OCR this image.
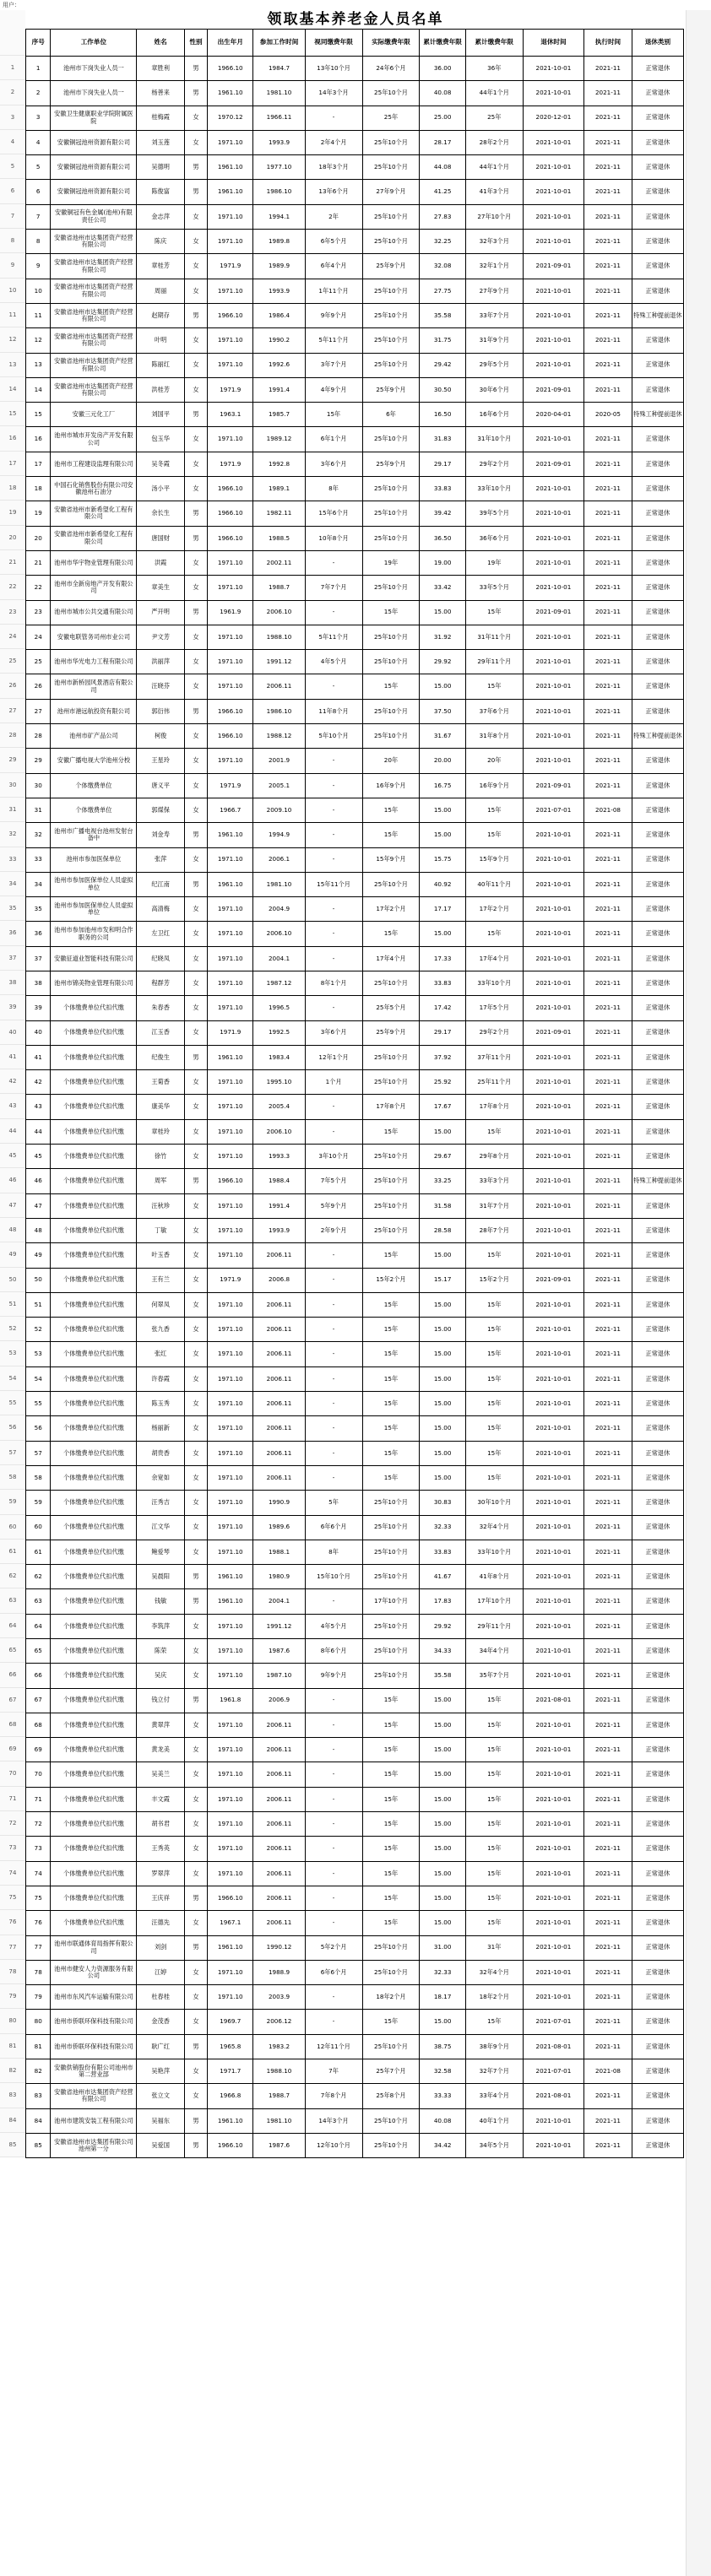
用户：
1
2
3
4
5
6
7
8
9
10
11
12
13
14
15
16
17
18
19
20
21
22
23
24
25
26
27
28
29
30
31
32
33
34
35
36
37
38
39
40
41
42
43
44
45
46
47
48
49
50
51
52
53
54
55
56
57
58
59
60
61
62
63
64
65
66
67
68
69
70
71
72
73
74
75
76
77
78
79
80
81
82
83
84
85
领取基本养老金人员名单
序号	工作单位	姓名	性别	出生年月	参加工作时间	视同缴费年限	实际缴费年限	累计缴费年限	累计缴费年限	退休时间	执行时间	退休类别
1	池州市下岗失业人员一	章胜利	男	1966.10	1984.7	13年10个月	24年6个月	36.00	36年	2021-10-01	2021-11	正常退休
2	池州市下岗失业人员一	杨善来	男	1961.10	1981.10	14年3个月	25年10个月	40.08	44年1个月	2021-10-01	2021-11	正常退休
3	安徽卫生健康职业学院附属医院	桂梅霞	女	1970.12	1966.11	-	25年	25.00	25年	2020-12-01	2021-11	正常退休
4	安徽铜冠池州资源有限公司	刘玉莲	女	1971.10	1993.9	2年4个月	25年10个月	28.17	28年2个月	2021-10-01	2021-11	正常退休
5	安徽铜冠池州资源有限公司	吴德明	男	1961.10	1977.10	18年3个月	25年10个月	44.08	44年1个月	2021-10-01	2021-11	正常退休
6	安徽铜冠池州资源有限公司	陈俊富	男	1961.10	1986.10	13年6个月	27年9个月	41.25	41年3个月	2021-10-01	2021-11	正常退休
7	安徽铜冠有色金属(池州)有限责任公司	金志萍	女	1971.10	1994.1	2年	25年10个月	27.83	27年10个月	2021-10-01	2021-11	正常退休
8	安徽省池州市达集团资产经营有限公司	陈庆	女	1971.10	1989.8	6年5个月	25年10个月	32.25	32年3个月	2021-10-01	2021-11	正常退休
9	安徽省池州市达集团资产经营有限公司	章桂芳	女	1971.9	1989.9	6年4个月	25年9个月	32.08	32年1个月	2021-09-01	2021-11	正常退休
10	安徽省池州市达集团资产经营有限公司	周丽	女	1971.10	1993.9	1年11个月	25年10个月	27.75	27年9个月	2021-10-01	2021-11	正常退休
11	安徽省池州市达集团资产经营有限公司	赵期存	男	1966.10	1986.4	9年9个月	25年10个月	35.58	33年7个月	2021-10-01	2021-11	特殊工种提前退休
12	安徽省池州市达集团资产经营有限公司	叶明	女	1971.10	1990.2	5年11个月	25年10个月	31.75	31年9个月	2021-10-01	2021-11	正常退休
13	安徽省池州市达集团资产经营有限公司	陈丽红	女	1971.10	1992.6	3年7个月	25年10个月	29.42	29年5个月	2021-10-01	2021-11	正常退休
14	安徽省池州市达集团资产经营有限公司	洪桂芳	女	1971.9	1991.4	4年9个月	25年9个月	30.50	30年6个月	2021-09-01	2021-11	正常退休
15	安徽三元化工厂	刘国平	男	1963.1	1985.7	15年	6年	16.50	16年6个月	2020-04-01	2020-05	特殊工种提前退休
16	池州市城市开发房产开发有限公司	包玉华	女	1971.10	1989.12	6年1个月	25年10个月	31.83	31年10个月	2021-10-01	2021-11	正常退休
17	池州市工程建设监理有限公司	吴冬霞	女	1971.9	1992.8	3年6个月	25年9个月	29.17	29年2个月	2021-09-01	2021-11	正常退休
18	中国石化销售股份有限公司安徽池州石油分	汤小平	女	1966.10	1989.1	8年	25年10个月	33.83	33年10个月	2021-10-01	2021-11	正常退休
19	安徽省池州市新希望化工程有限公司	余长生	男	1966.10	1982.11	15年6个月	25年10个月	39.42	39年5个月	2021-10-01	2021-11	正常退休
20	安徽省池州市新希望化工程有限公司	唐国财	男	1966.10	1988.5	10年8个月	25年10个月	36.50	36年6个月	2021-10-01	2021-11	正常退休
21	池州市华宇物业管理有限公司	洪霞	女	1971.10	2002.11	-	19年	19.00	19年	2021-10-01	2021-11	正常退休
22	池州市全新房地产开发有限公司	章美生	女	1971.10	1988.7	7年7个月	25年10个月	33.42	33年5个月	2021-10-01	2021-11	正常退休
23	池州市城市公共交通有限公司	严开明	男	1961.9	2006.10	-	15年	15.00	15年	2021-09-01	2021-11	正常退休
24	安徽电联管务司州市业公司	尹文芳	女	1971.10	1988.10	5年11个月	25年10个月	31.92	31年11个月	2021-10-01	2021-11	正常退休
25	池州市华光电力工程有限公司	洪丽萍	女	1971.10	1991.12	4年5个月	25年10个月	29.92	29年11个月	2021-10-01	2021-11	正常退休
26	池州市新桥园风景酒店有限公司	汪晓芬	女	1971.10	2006.11	-	15年	15.00	15年	2021-10-01	2021-11	正常退休
27	池州市港远航投资有限公司	郭衍伟	男	1966.10	1986.10	11年8个月	25年10个月	37.50	37年6个月	2021-10-01	2021-11	正常退休
28	池州市矿产品公司	柯俊	女	1966.10	1988.12	5年10个月	25年10个月	31.67	31年8个月	2021-10-01	2021-11	特殊工种提前退休
29	安徽广播电视大学池州分校	王星玲	女	1971.10	2001.9	-	20年	20.00	20年	2021-10-01	2021-11	正常退休
30	个体缴费单位	唐义平	女	1971.9	2005.1	-	16年9个月	16.75	16年9个月	2021-09-01	2021-11	正常退休
31	个体缴费单位	郭煤保	女	1966.7	2009.10	-	15年	15.00	15年	2021-07-01	2021-08	正常退休
32	池州市广播电视台池州发射台备中	刘金寿	男	1961.10	1994.9	-	15年	15.00	15年	2021-10-01	2021-11	正常退休
33	池州市参加医保单位	张萍	女	1971.10	2006.1	-	15年9个月	15.75	15年9个月	2021-10-01	2021-11	正常退休
34	池州市参加医保单位人员虚拟单位	纪江南	男	1961.10	1981.10	15年11个月	25年10个月	40.92	40年11个月	2021-10-01	2021-11	正常退休
35	池州市参加医保单位人员虚拟单位	高清梅	女	1971.10	2004.9	-	17年2个月	17.17	17年2个月	2021-10-01	2021-11	正常退休
36	池州市参加池州市发和明合作职务的公司	左卫红	女	1971.10	2006.10	-	15年	15.00	15年	2021-10-01	2021-11	正常退休
37	安徽征道业智能科技有限公司	纪晓凤	女	1971.10	2004.1	-	17年4个月	17.33	17年4个月	2021-10-01	2021-11	正常退休
38	池州市锦美物业管理有限公司	程群芳	女	1971.10	1987.12	8年1个月	25年10个月	33.83	33年10个月	2021-10-01	2021-11	正常退休
39	个体缴费单位代扣代缴	朱春香	女	1971.10	1996.5	-	25年5个月	17.42	17年5个月	2021-10-01	2021-11	正常退休
40	个体缴费单位代扣代缴	江玉香	女	1971.9	1992.5	3年6个月	25年9个月	29.17	29年2个月	2021-09-01	2021-11	正常退休
41	个体缴费单位代扣代缴	纪俊生	男	1961.10	1983.4	12年1个月	25年10个月	37.92	37年11个月	2021-10-01	2021-11	正常退休
42	个体缴费单位代扣代缴	王菊香	女	1971.10	1995.10	1个月	25年10个月	25.92	25年11个月	2021-10-01	2021-11	正常退休
43	个体缴费单位代扣代缴	康美华	女	1971.10	2005.4	-	17年8个月	17.67	17年8个月	2021-10-01	2021-11	正常退休
44	个体缴费单位代扣代缴	章桂玲	女	1971.10	2006.10	-	15年	15.00	15年	2021-10-01	2021-11	正常退休
45	个体缴费单位代扣代缴	徐竹	女	1971.10	1993.3	3年10个月	25年10个月	29.67	29年8个月	2021-10-01	2021-11	正常退休
46	个体缴费单位代扣代缴	周军	男	1966.10	1988.4	7年5个月	25年10个月	33.25	33年3个月	2021-10-01	2021-11	特殊工种提前退休
47	个体缴费单位代扣代缴	汪秋珍	女	1971.10	1991.4	5年9个月	25年10个月	31.58	31年7个月	2021-10-01	2021-11	正常退休
48	个体缴费单位代扣代缴	丁敏	女	1971.10	1993.9	2年9个月	25年10个月	28.58	28年7个月	2021-10-01	2021-11	正常退休
49	个体缴费单位代扣代缴	叶玉香	女	1971.10	2006.11	-	15年	15.00	15年	2021-10-01	2021-11	正常退休
50	个体缴费单位代扣代缴	王有兰	女	1971.9	2006.8	-	15年2个月	15.17	15年2个月	2021-09-01	2021-11	正常退休
51	个体缴费单位代扣代缴	何翠凤	女	1971.10	2006.11	-	15年	15.00	15年	2021-10-01	2021-11	正常退休
52	个体缴费单位代扣代缴	张九香	女	1971.10	2006.11	-	15年	15.00	15年	2021-10-01	2021-11	正常退休
53	个体缴费单位代扣代缴	张红	女	1971.10	2006.11	-	15年	15.00	15年	2021-10-01	2021-11	正常退休
54	个体缴费单位代扣代缴	许春霞	女	1971.10	2006.11	-	15年	15.00	15年	2021-10-01	2021-11	正常退休
55	个体缴费单位代扣代缴	陈玉秀	女	1971.10	2006.11	-	15年	15.00	15年	2021-10-01	2021-11	正常退休
56	个体缴费单位代扣代缴	杨丽新	女	1971.10	2006.11	-	15年	15.00	15年	2021-10-01	2021-11	正常退休
57	个体缴费单位代扣代缴	胡贵香	女	1971.10	2006.11	-	15年	15.00	15年	2021-10-01	2021-11	正常退休
58	个体缴费单位代扣代缴	余宽如	女	1971.10	2006.11	-	15年	15.00	15年	2021-10-01	2021-11	正常退休
59	个体缴费单位代扣代缴	汪秀吉	女	1971.10	1990.9	5年	25年10个月	30.83	30年10个月	2021-10-01	2021-11	正常退休
60	个体缴费单位代扣代缴	江文华	女	1971.10	1989.6	6年6个月	25年10个月	32.33	32年4个月	2021-10-01	2021-11	正常退休
61	个体缴费单位代扣代缴	鲍爱琴	女	1971.10	1988.1	8年	25年10个月	33.83	33年10个月	2021-10-01	2021-11	正常退休
62	个体缴费单位代扣代缴	吴晨阳	男	1961.10	1980.9	15年10个月	25年10个月	41.67	41年8个月	2021-10-01	2021-11	正常退休
63	个体缴费单位代扣代缴	钱敏	男	1961.10	2004.1	-	17年10个月	17.83	17年10个月	2021-10-01	2021-11	正常退休
64	个体缴费单位代扣代缴	李筑萍	女	1971.10	1991.12	4年5个月	25年10个月	29.92	29年11个月	2021-10-01	2021-11	正常退休
65	个体缴费单位代扣代缴	陈荣	女	1971.10	1987.6	8年6个月	25年10个月	34.33	34年4个月	2021-10-01	2021-11	正常退休
66	个体缴费单位代扣代缴	吴庆	女	1971.10	1987.10	9年9个月	25年10个月	35.58	35年7个月	2021-10-01	2021-11	正常退休
67	个体缴费单位代扣代缴	钱立付	男	1961.8	2006.9	-	15年	15.00	15年	2021-08-01	2021-11	正常退休
68	个体缴费单位代扣代缴	黄翠萍	女	1971.10	2006.11	-	15年	15.00	15年	2021-10-01	2021-11	正常退休
69	个体缴费单位代扣代缴	黄龙美	女	1971.10	2006.11	-	15年	15.00	15年	2021-10-01	2021-11	正常退休
70	个体缴费单位代扣代缴	吴美兰	女	1971.10	2006.11	-	15年	15.00	15年	2021-10-01	2021-11	正常退休
71	个体缴费单位代扣代缴	丰文霞	女	1971.10	2006.11	-	15年	15.00	15年	2021-10-01	2021-11	正常退休
72	个体缴费单位代扣代缴	胡书君	女	1971.10	2006.11	-	15年	15.00	15年	2021-10-01	2021-11	正常退休
73	个体缴费单位代扣代缴	王秀英	女	1971.10	2006.11	-	15年	15.00	15年	2021-10-01	2021-11	正常退休
74	个体缴费单位代扣代缴	罗翠萍	女	1971.10	2006.11	-	15年	15.00	15年	2021-10-01	2021-11	正常退休
75	个体缴费单位代扣代缴	王庆祥	男	1966.10	2006.11	-	15年	15.00	15年	2021-10-01	2021-11	正常退休
76	个体缴费单位代扣代缴	汪德先	女	1967.1	2006.11	-	15年	15.00	15年	2021-10-01	2021-11	正常退休
77	池州市联通体育局指挥有限公司	刘剑	男	1961.10	1990.12	5年2个月	25年10个月	31.00	31年	2021-10-01	2021-11	正常退休
78	池州市健安人力资源服务有限公司	江婷	女	1971.10	1988.9	6年6个月	25年10个月	32.33	32年4个月	2021-10-01	2021-11	正常退休
79	池州市东风汽车运输有限公司	杜春桂	女	1971.10	2003.9	-	18年2个月	18.17	18年2个月	2021-10-01	2021-11	正常退休
80	池州市侨联环保科技有限公司	金茂香	女	1969.7	2006.12	-	15年	15.00	15年	2021-07-01	2021-11	正常退休
81	池州市侨联环保科技有限公司	耿广红	男	1965.8	1983.2	12年11个月	25年10个月	38.75	38年9个月	2021-08-01	2021-11	正常退休
82	安徽供销股份有限公司池州市第二营业部	吴艳萍	女	1971.7	1988.10	7年	25年7个月	32.58	32年7个月	2021-07-01	2021-08	正常退休
83	安徽省池州市达集团资产经营有限公司	张立文	女	1966.8	1988.7	7年8个月	25年8个月	33.33	33年4个月	2021-08-01	2021-11	正常退休
84	池州市建筑安装工程有限公司	吴福东	男	1961.10	1981.10	14年3个月	25年10个月	40.08	40年1个月	2021-10-01	2021-11	正常退休
85	安徽省池州市达集团有限公司池州第一分	吴爱国	男	1966.10	1987.6	12年10个月	25年10个月	34.42	34年5个月	2021-10-01	2021-11	正常退休
